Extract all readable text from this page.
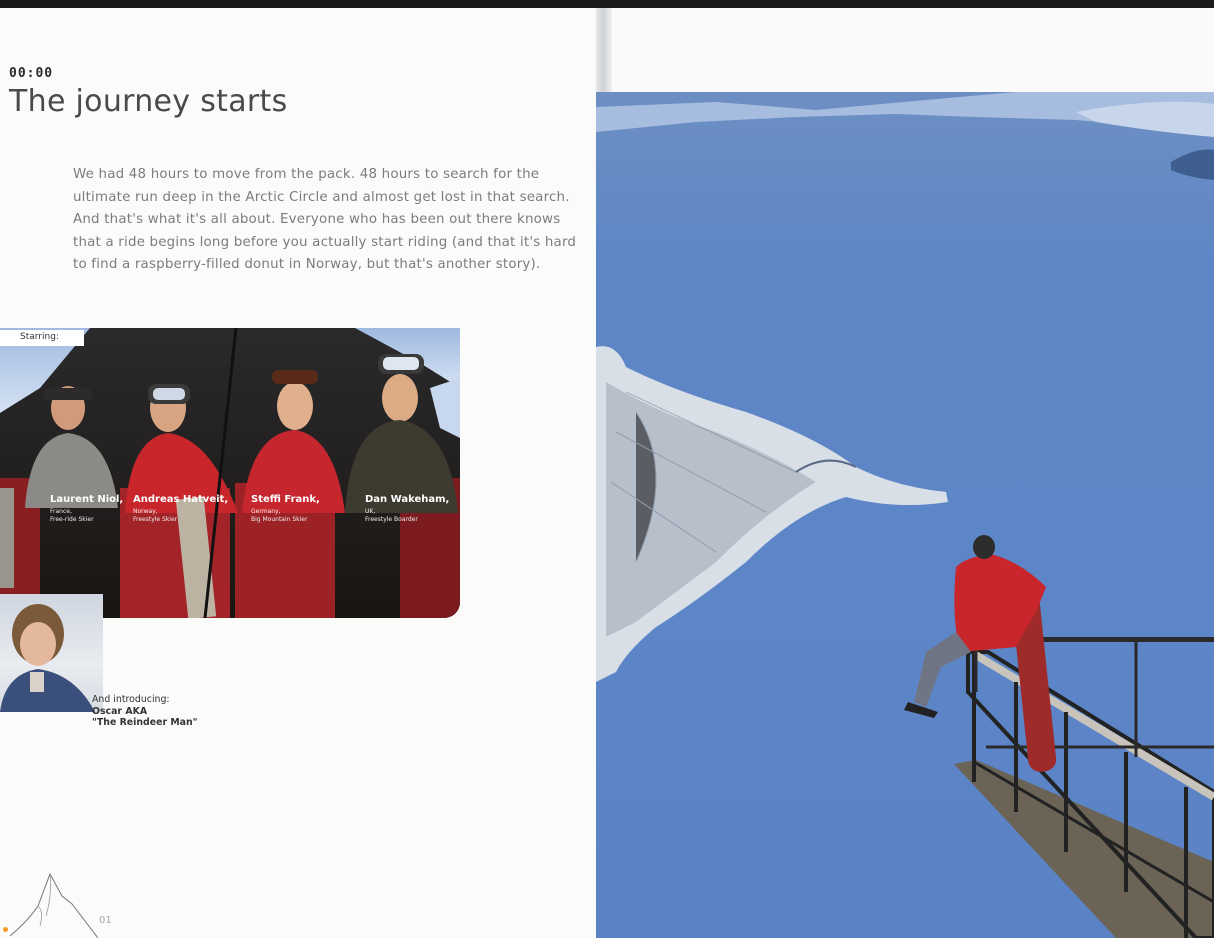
00:00
The journey starts
We had 48 hours to move from the pack. 48 hours to search for the ultimate run deep in the Arctic Circle and almost get lost in that search. And that's what it's all about. Everyone who has been out there knows that a ride begins long before you actually start riding (and that it's hard to find a raspberry-filled donut in Norway, but that's another story).
Starring:
Laurent Niol,
France,
Free-ride Skier
Andreas Hatveit,
Norway,
Freestyle Skier
Steffi Frank,
Germany,
Big Mountain Skier
Dan Wakeham,
UK,
Freestyle Boarder
And introducing:
Oscar AKA
"The Reindeer Man"
01
